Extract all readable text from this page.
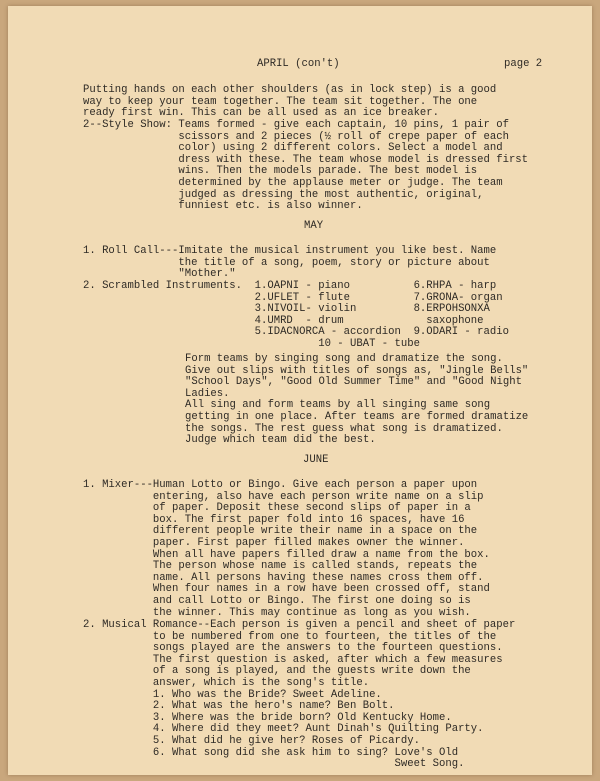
APRIL (con't)	page 2
Putting hands on each other shoulders (as in lock step) is a good
way to keep your team together. The team sit together. The one
ready first win. This can be all used as an ice breaker.
2--Style Show: Teams formed - give each captain, 10 pins, 1 pair of
scissors and 2 pieces (½ roll of crepe paper of each
color) using 2 different colors. Select a model and
dress with these. The team whose model is dressed first
wins. Then the models parade. The best model is
determined by the applause meter or judge. The team
judged as dressing the most authentic, original,
funniest etc. is also winner.
MAY
1. Roll Call---Imitate the musical instrument you like best. Name
the title of a song, poem, story or picture about
"Mother."
2. Scrambled Instruments.  1.OAPNI - piano          6.RHPA - harp
2.UFLET - flute          7.GRONA- organ
3.NIVOIL- violin         8.ERPOHSONXA
4.UMRD  - drum             saxophone
5.IDACNORCA - accordion  9.ODARI - radio
10 - UBAT - tube
Form teams by singing song and dramatize the song.
Give out slips with titles of songs as, "Jingle Bells"
"School Days", "Good Old Summer Time" and "Good Night
Ladies.
All sing and form teams by all singing same song
getting in one place. After teams are formed dramatize
the songs. The rest guess what song is dramatized.
Judge which team did the best.
JUNE
1. Mixer---Human Lotto or Bingo. Give each person a paper upon
entering, also have each person write name on a slip
of paper. Deposit these second slips of paper in a
box. The first paper fold into 16 spaces, have 16
different people write their name in a space on the
paper. First paper filled makes owner the winner.
When all have papers filled draw a name from the box.
The person whose name is called stands, repeats the
name. All persons having these names cross them off.
When four names in a row have been crossed off, stand
and call Lotto or Bingo. The first one doing so is
the winner. This may continue as long as you wish.
2. Musical Romance--Each person is given a pencil and sheet of paper
to be numbered from one to fourteen, the titles of the
songs played are the answers to the fourteen questions.
The first question is asked, after which a few measures
of a song is played, and the guests write down the
answer, which is the song's title.
1. Who was the Bride? Sweet Adeline.
2. What was the hero's name? Ben Bolt.
3. Where was the bride born? Old Kentucky Home.
4. Where did they meet? Aunt Dinah's Quilting Party.
5. What did he give her? Roses of Picardy.
6. What song did she ask him to sing? Love's Old
Sweet Song.
